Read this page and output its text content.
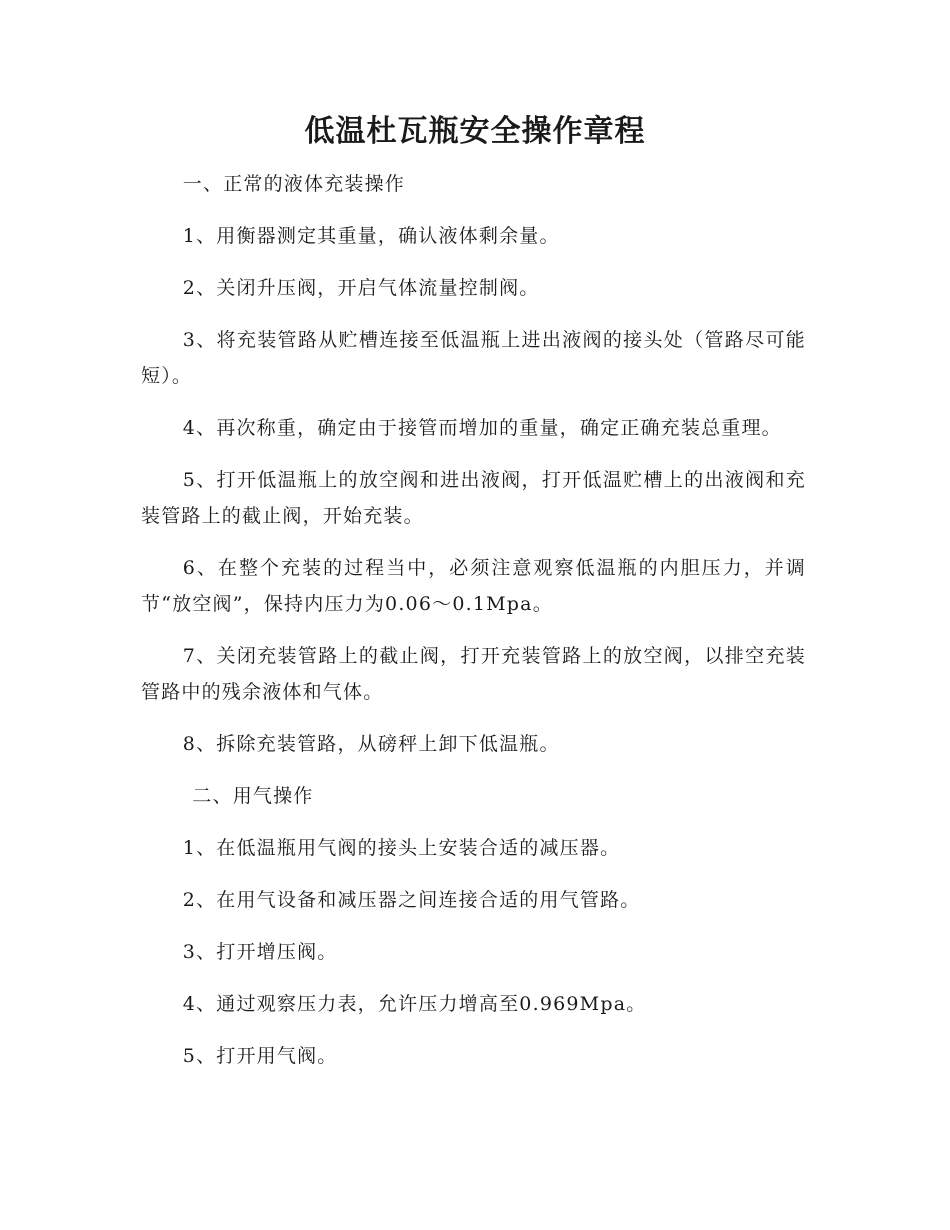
低温杜瓦瓶安全操作章程

一、正常的液体充装操作

1、用衡器测定其重量，确认液体剩余量。

2、关闭升压阀，开启气体流量控制阀。

3、将充装管路从贮槽连接至低温瓶上进出液阀的接头处（管路尽可能短）。

4、再次称重，确定由于接管而增加的重量，确定正确充装总重理。

5、打开低温瓶上的放空阀和进出液阀，打开低温贮槽上的出液阀和充装管路上的截止阀，开始充装。

6、在整个充装的过程当中，必须注意观察低温瓶的内胆压力，并调节“放空阀”，保持内压力为0.06～0.1Mpa。

7、关闭充装管路上的截止阀，打开充装管路上的放空阀，以排空充装管路中的残余液体和气体。

8、拆除充装管路，从磅秤上卸下低温瓶。

二、用气操作

1、在低温瓶用气阀的接头上安装合适的减压器。

2、在用气设备和减压器之间连接合适的用气管路。

3、打开增压阀。

4、通过观察压力表，允许压力增高至0.969Mpa。

5、打开用气阀。
